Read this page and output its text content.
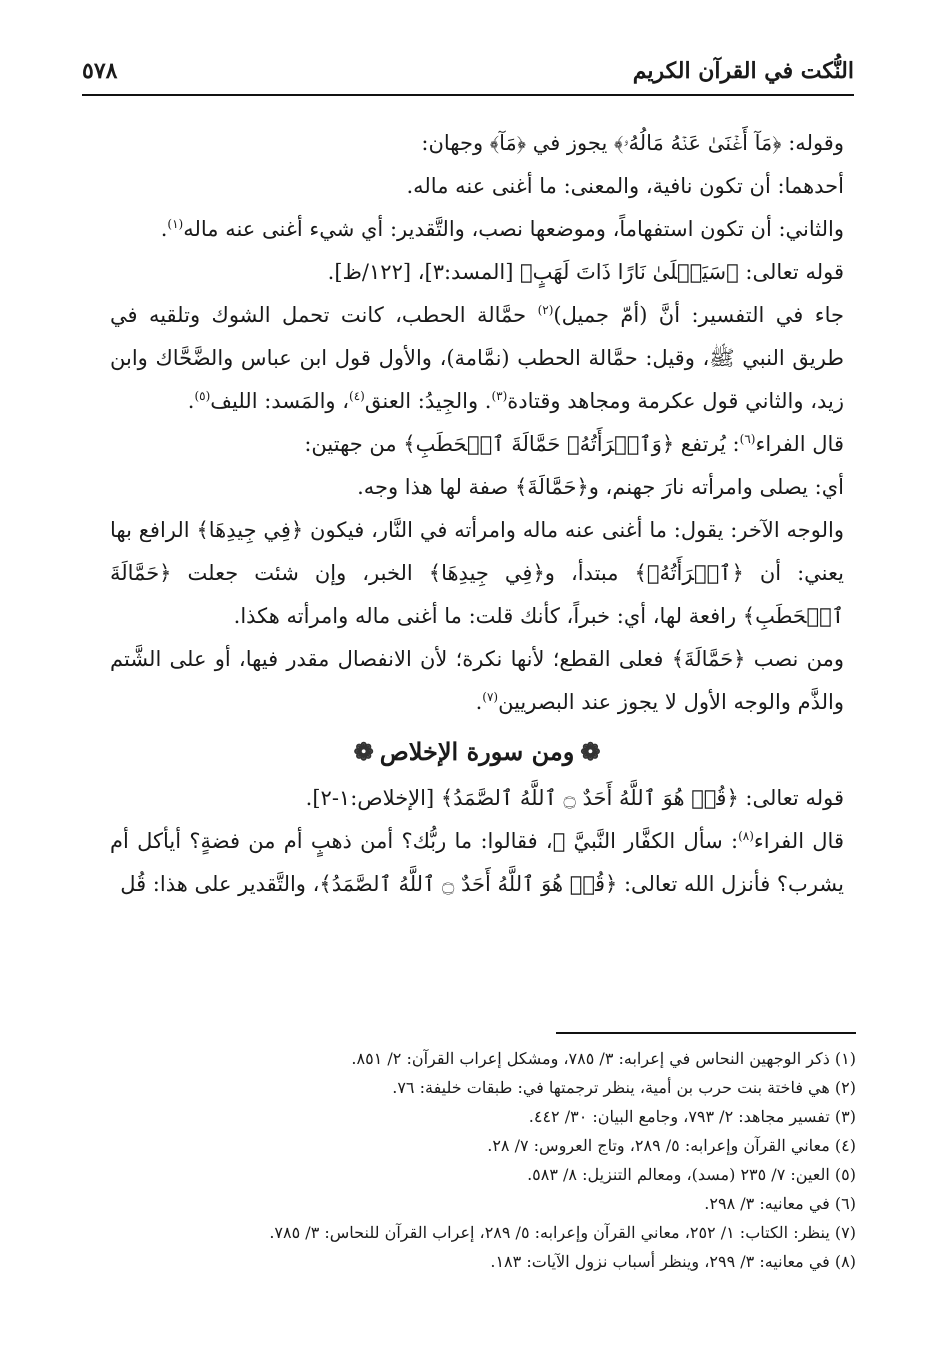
النُّكت في القرآن الكريم
٥٧٨

وقوله: ﴿مَآ أَغۡنَىٰ عَنۡهُ مَالُهُۥ﴾ يجوز في ﴿مَآ﴾ وجهان:

أحدهما: أن تكون نافية، والمعنى: ما أغنى عنه ماله.

والثاني: أن تكون استفهاماً، وموضعها نصب، والتَّقدير: أي شيء أغنى عنه ماله$^{(١)}$.

قوله تعالى: ﴿سَيَصۡلَىٰ نَارًا ذَاتَ لَهَبٍ﴾ [المسد:٣]، [١٢٢/ظ].

جاء في التفسير: أنَّ (أمّ جميل)$^{(٢)}$ حمَّالة الحطب، كانت تحمل الشوك وتلقيه في طريق النبي ﷺ، وقيل: حمَّالة الحطب (نمَّامة)، والأول قول ابن عباس والضَّحَّاك وابن زيد، والثاني قول عكرمة ومجاهد وقتادة$^{(٣)}$. والجِيدُ: العنق$^{(٤)}$، والمَسد: الليف$^{(٥)}$.

قال الفراء$^{(٦)}$: يُرتفع ﴿وَٱمۡرَأَتُهُۥ حَمَّالَةَ ٱلۡحَطَبِ﴾ من جهتين:

أي: يصلى وامرأته نارَ جهنم، و﴿حَمَّالَةَ﴾ صفة لها هذا وجه.

والوجه الآخر: يقول: ما أغنى عنه ماله وامرأته في النَّار، فيكون ﴿فِي جِيدِهَا﴾ الرافع بها يعني: أن ﴿ٱمۡرَأَتُهُۥ﴾ مبتدأ، و﴿فِي جِيدِهَا﴾ الخبر، وإن شئت جعلت ﴿حَمَّالَةَ ٱلۡحَطَبِ﴾ رافعة لها، أي: خبراً، كأنك قلت: ما أغنى ماله وامرأته هكذا.

ومن نصب ﴿حَمَّالَةَ﴾ فعلى القطع؛ لأنها نكرة؛ لأن الانفصال مقدر فيها، أو على الشَّتم والذَّم والوجه الأول لا يجوز عند البصريين$^{(٧)}$.

❁ومن سورة الإخلاص❁

قوله تعالى: ﴿قُلۡ هُوَ ٱللَّهُ أَحَدٌ ۝ ٱللَّهُ ٱلصَّمَدُ﴾ [الإخلاص:١-٢].

قال الفراء$^{(٨)}$: سأل الكفَّار النَّبيَّ ﷺ، فقالوا: ما ربُّك؟ أمن ذهبٍ أم من فضةٍ؟ أيأكل أم يشرب؟ فأنزل الله تعالى: ﴿قُلۡ هُوَ ٱللَّهُ أَحَدٌ ۝ ٱللَّهُ ٱلصَّمَدُ﴾، والتَّقدير على هذا: قُل

(١) ذكر الوجهين النحاس في إعرابه: ٣/ ٧٨٥، ومشكل إعراب القرآن: ٢/ ٨٥١.
(٢) هي فاختة بنت حرب بن أمية، ينظر ترجمتها في: طبقات خليفة: ٧٦.
(٣) تفسير مجاهد: ٢/ ٧٩٣، وجامع البيان: ٣٠/ ٤٤٢.
(٤) معاني القرآن وإعرابه: ٥/ ٢٨٩، وتاج العروس: ٧/ ٢٨.
(٥) العين: ٧/ ٢٣٥ (مسد)، ومعالم التنزيل: ٨/ ٥٨٣.
(٦) في معانيه: ٣/ ٢٩٨.
(٧) ينظر: الكتاب: ١/ ٢٥٢، معاني القرآن وإعرابه: ٥/ ٢٨٩، إعراب القرآن للنحاس: ٣/ ٧٨٥.
(٨) في معانيه: ٣/ ٢٩٩، وينظر أسباب نزول الآيات: ١٨٣.
